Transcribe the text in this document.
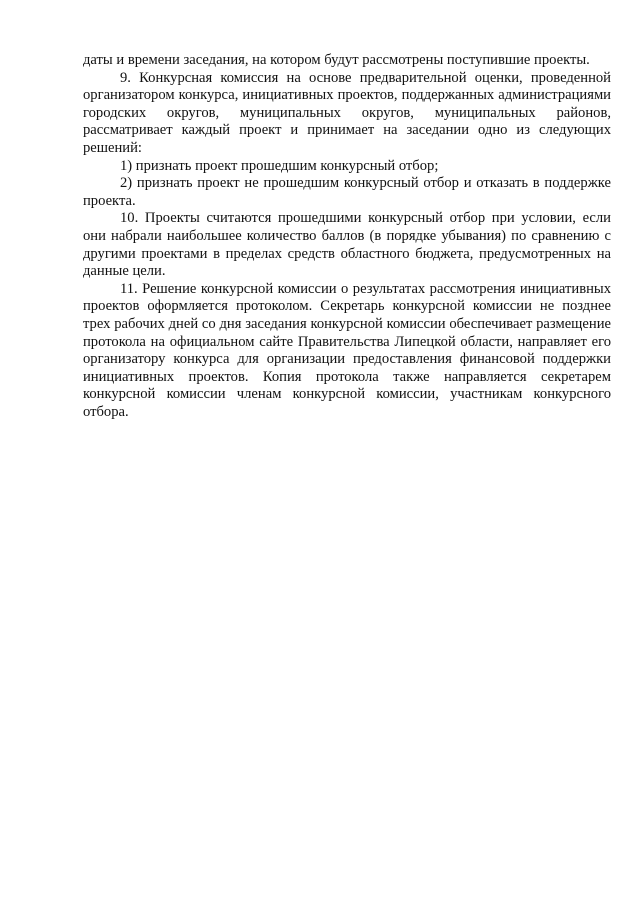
даты и времени заседания, на котором будут рассмотрены поступившие проекты.

9. Конкурсная комиссия на основе предварительной оценки, проведенной организатором конкурса, инициативных проектов, поддержанных администрациями городских округов, муниципальных округов, муниципальных районов, рассматривает каждый проект и принимает на заседании одно из следующих решений:

1) признать проект прошедшим конкурсный отбор;

2) признать проект не прошедшим конкурсный отбор и отказать в поддержке проекта.

10. Проекты считаются прошедшими конкурсный отбор при условии, если они набрали наибольшее количество баллов (в порядке убывания) по сравнению с другими проектами в пределах средств областного бюджета, предусмотренных на данные цели.

11. Решение конкурсной комиссии о результатах рассмотрения инициативных проектов оформляется протоколом. Секретарь конкурсной комиссии не позднее трех рабочих дней со дня заседания конкурсной комиссии обеспечивает размещение протокола на официальном сайте Правительства Липецкой области, направляет его организатору конкурса для организации предоставления финансовой поддержки инициативных проектов. Копия протокола также направляется секретарем конкурсной комиссии членам конкурсной комиссии, участникам конкурсного отбора.
